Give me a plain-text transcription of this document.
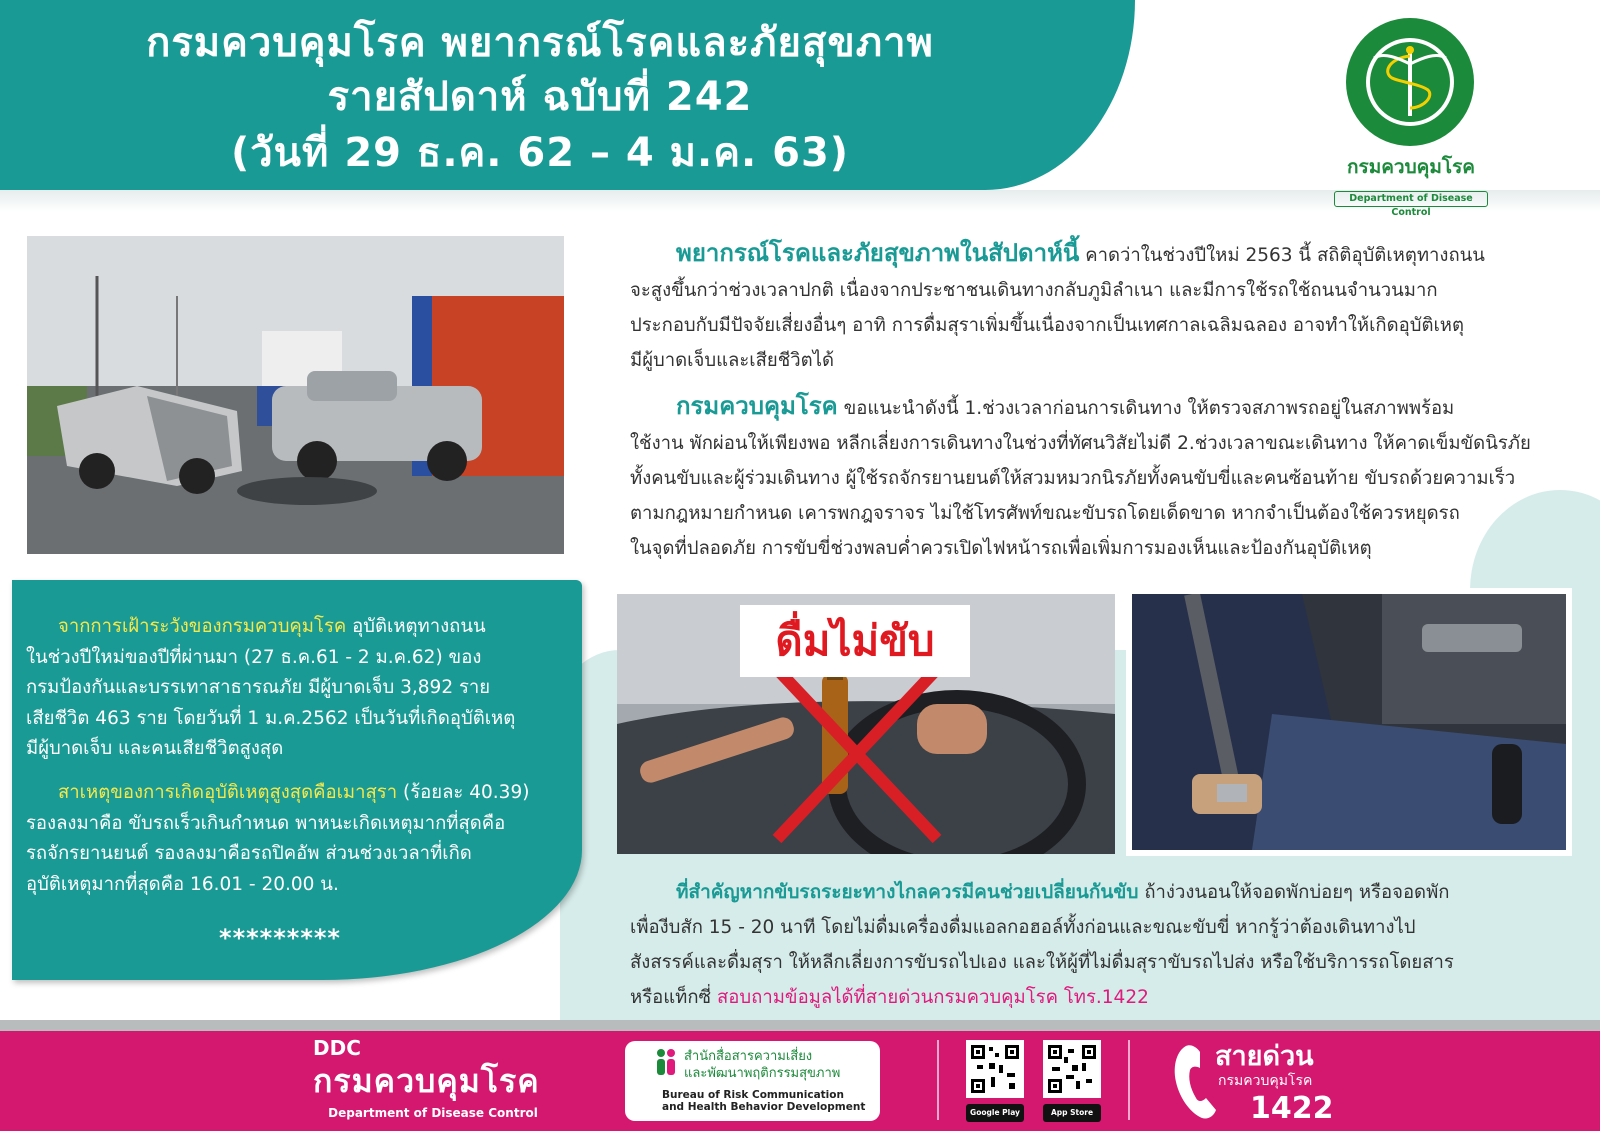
กรมควบคุมโรค พยากรณ์โรคและภัยสุขภาพ
รายสัปดาห์ ฉบับที่ 242
(วันที่ 29 ธ.ค. 62 – 4 ม.ค. 63)	กรมควบคุมโรค
Department of Disease Control
พยากรณ์โรคและภัยสุขภาพในสัปดาห์นี้ คาดว่าในช่วงปีใหม่ 2563 นี้ สถิติอุบัติเหตุทางถนน
จะสูงขึ้นกว่าช่วงเวลาปกติ เนื่องจากประชาชนเดินทางกลับภูมิลำเนา และมีการใช้รถใช้ถนนจำนวนมาก
ประกอบกับมีปัจจัยเสี่ยงอื่นๆ อาทิ การดื่มสุราเพิ่มขึ้นเนื่องจากเป็นเทศกาลเฉลิมฉลอง อาจทำให้เกิดอุบัติเหตุ
มีผู้บาดเจ็บและเสียชีวิตได้
กรมควบคุมโรค ขอแนะนำดังนี้ 1.ช่วงเวลาก่อนการเดินทาง ให้ตรวจสภาพรถอยู่ในสภาพพร้อม
ใช้งาน พักผ่อนให้เพียงพอ หลีกเลี่ยงการเดินทางในช่วงที่ทัศนวิสัยไม่ดี 2.ช่วงเวลาขณะเดินทาง ให้คาดเข็มขัดนิรภัย
ทั้งคนขับและผู้ร่วมเดินทาง ผู้ใช้รถจักรยานยนต์ให้สวมหมวกนิรภัยทั้งคนขับขี่และคนซ้อนท้าย ขับรถด้วยความเร็ว
ตามกฎหมายกำหนด เคารพกฎจราจร ไม่ใช้โทรศัพท์ขณะขับรถโดยเด็ดขาด หากจำเป็นต้องใช้ควรหยุดรถ
ในจุดที่ปลอดภัย การขับขี่ช่วงพลบค่ำควรเปิดไฟหน้ารถเพื่อเพิ่มการมองเห็นและป้องกันอุบัติเหตุ
จากการเฝ้าระวังของกรมควบคุมโรค อุบัติเหตุทางถนน
ในช่วงปีใหม่ของปีที่ผ่านมา (27 ธ.ค.61 - 2 ม.ค.62) ของ
กรมป้องกันและบรรเทาสาธารณภัย มีผู้บาดเจ็บ 3,892 ราย
เสียชีวิต 463 ราย โดยวันที่ 1 ม.ค.2562 เป็นวันที่เกิดอุบัติเหตุ
มีผู้บาดเจ็บ และคนเสียชีวิตสูงสุด
สาเหตุของการเกิดอุบัติเหตุสูงสุดคือเมาสุรา (ร้อยละ 40.39)
รองลงมาคือ ขับรถเร็วเกินกำหนด พาหนะเกิดเหตุมากที่สุดคือ
รถจักรยานยนต์ รองลงมาคือรถปิคอัพ ส่วนช่วงเวลาที่เกิด
อุบัติเหตุมากที่สุดคือ 16.01 - 20.00 น.
*********
ดื่มไม่ขับ
ที่สำคัญหากขับรถระยะทางไกลควรมีคนช่วยเปลี่ยนกันขับ ถ้าง่วงนอนให้จอดพักบ่อยๆ หรือจอดพัก
เพื่องีบสัก 15 - 20 นาที โดยไม่ดื่มเครื่องดื่มแอลกอฮอล์ทั้งก่อนและขณะขับขี่ หากรู้ว่าต้องเดินทางไป
สังสรรค์และดื่มสุรา ให้หลีกเลี่ยงการขับรถไปเอง และให้ผู้ที่ไม่ดื่มสุราขับรถไปส่ง หรือใช้บริการรถโดยสาร
หรือแท็กซี่ สอบถามข้อมูลได้ที่สายด่วนกรมควบคุมโรค โทร.1422
DDC
กรมควบคุมโรค
Department of Disease Control
สำนักสื่อสารความเสี่ยง
และพัฒนาพฤติกรรมสุขภาพ
Bureau of Risk Communication
and Health Behavior Development	Google Play	App Store
สายด่วน
กรมควบคุมโรค
1422
